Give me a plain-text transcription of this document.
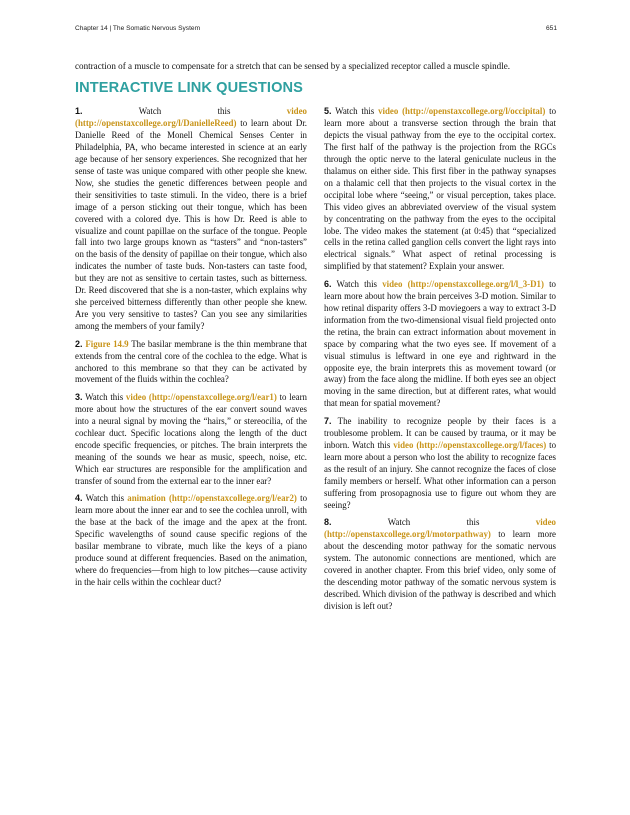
Chapter 14 | The Somatic Nervous System	651
contraction of a muscle to compensate for a stretch that can be sensed by a specialized receptor called a muscle spindle.
INTERACTIVE LINK QUESTIONS

1.	Watch this video (http://openstaxcollege.org/l/DanielleReed) to learn about Dr. Danielle Reed of the Monell Chemical Senses Center in Philadelphia, PA, who became interested in science at an early age because of her sensory experiences. She recognized that her sense of taste was unique compared with other people she knew. Now, she studies the genetic differences between people and their sensitivities to taste stimuli. In the video, there is a brief image of a person sticking out their tongue, which has been covered with a colored dye. This is how Dr. Reed is able to visualize and count papillae on the surface of the tongue. People fall into two large groups known as “tasters” and “non-tasters” on the basis of the density of papillae on their tongue, which also indicates the number of taste buds. Non-tasters can taste food, but they are not as sensitive to certain tastes, such as bitterness. Dr. Reed discovered that she is a non-taster, which explains why she perceived bitterness differently than other people she knew. Are you very sensitive to tastes? Can you see any similarities among the members of your family?

2. Figure 14.9 The basilar membrane is the thin membrane that extends from the central core of the cochlea to the edge. What is anchored to this membrane so that they can be activated by movement of the fluids within the cochlea?

3. Watch this video (http://openstaxcollege.org/l/ear1) to learn more about how the structures of the ear convert sound waves into a neural signal by moving the “hairs,” or stereocilia, of the cochlear duct. Specific locations along the length of the duct encode specific frequencies, or pitches. The brain interprets the meaning of the sounds we hear as music, speech, noise, etc. Which ear structures are responsible for the amplification and transfer of sound from the external ear to the inner ear?

4. Watch this animation (http://openstaxcollege.org/l/ear2) to learn more about the inner ear and to see the cochlea unroll, with the base at the back of the image and the apex at the front. Specific wavelengths of sound cause specific regions of the basilar membrane to vibrate, much like the keys of a piano produce sound at different frequencies. Based on the animation, where do frequencies—from high to low pitches—cause activity in the hair cells within the cochlear duct?

5. Watch this video (http://openstaxcollege.org/l/occipital) to learn more about a transverse section through the brain that depicts the visual pathway from the eye to the occipital cortex. The first half of the pathway is the projection from the RGCs through the optic nerve to the lateral geniculate nucleus in the thalamus on either side. This first fiber in the pathway synapses on a thalamic cell that then projects to the visual cortex in the occipital lobe where “seeing,” or visual perception, takes place. This video gives an abbreviated overview of the visual system by concentrating on the pathway from the eyes to the occipital lobe. The video makes the statement (at 0:45) that “specialized cells in the retina called ganglion cells convert the light rays into electrical signals.” What aspect of retinal processing is simplified by that statement? Explain your answer.

6. Watch this video (http://openstaxcollege.org/l/l_3-D1) to learn more about how the brain perceives 3-D motion. Similar to how retinal disparity offers 3-D moviegoers a way to extract 3-D information from the two-dimensional visual field projected onto the retina, the brain can extract information about movement in space by comparing what the two eyes see. If movement of a visual stimulus is leftward in one eye and rightward in the opposite eye, the brain interprets this as movement toward (or away) from the face along the midline. If both eyes see an object moving in the same direction, but at different rates, what would that mean for spatial movement?

7. The inability to recognize people by their faces is a troublesome problem. It can be caused by trauma, or it may be inborn. Watch this video (http://openstaxcollege.org/l/faces) to learn more about a person who lost the ability to recognize faces as the result of an injury. She cannot recognize the faces of close family members or herself. What other information can a person suffering from prosopagnosia use to figure out whom they are seeing?

8.	Watch this video (http://openstaxcollege.org/l/motorpathway) to learn more about the descending motor pathway for the somatic nervous system. The autonomic connections are mentioned, which are covered in another chapter. From this brief video, only some of the descending motor pathway of the somatic nervous system is described. Which division of the pathway is described and which division is left out?
